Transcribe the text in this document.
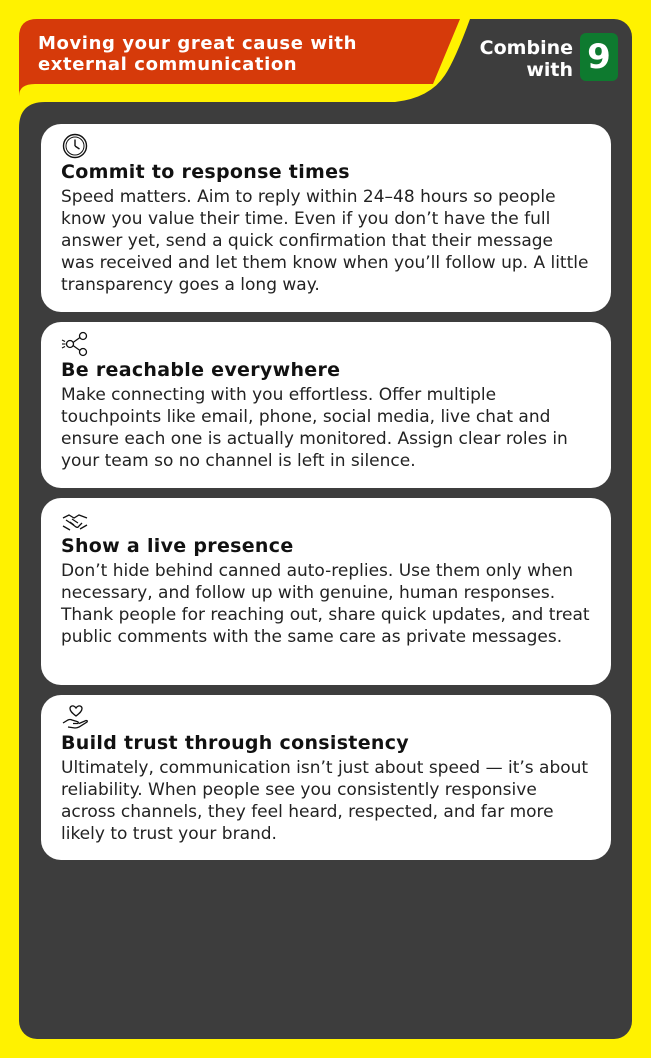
Moving your great cause with external communication
Combine with 9
Commit to response times

Speed matters. Aim to reply within 24–48 hours so people know you value their time. Even if you don’t have the full answer yet, send a quick confirmation that their message was received and let them know when you’ll follow up. A little transparency goes a long way.

Be reachable everywhere

Make connecting with you effortless. Offer multiple touchpoints like email, phone, social media, live chat and ensure each one is actually monitored. Assign clear roles in your team so no channel is left in silence.

Show a live presence

Don’t hide behind canned auto-replies. Use them only when necessary, and follow up with genuine, human responses. Thank people for reaching out, share quick updates, and treat public comments with the same care as private messages.

Build trust through consistency

Ultimately, communication isn’t just about speed — it’s about reliability. When people see you consistently responsive across channels, they feel heard, respected, and far more likely to trust your brand.
